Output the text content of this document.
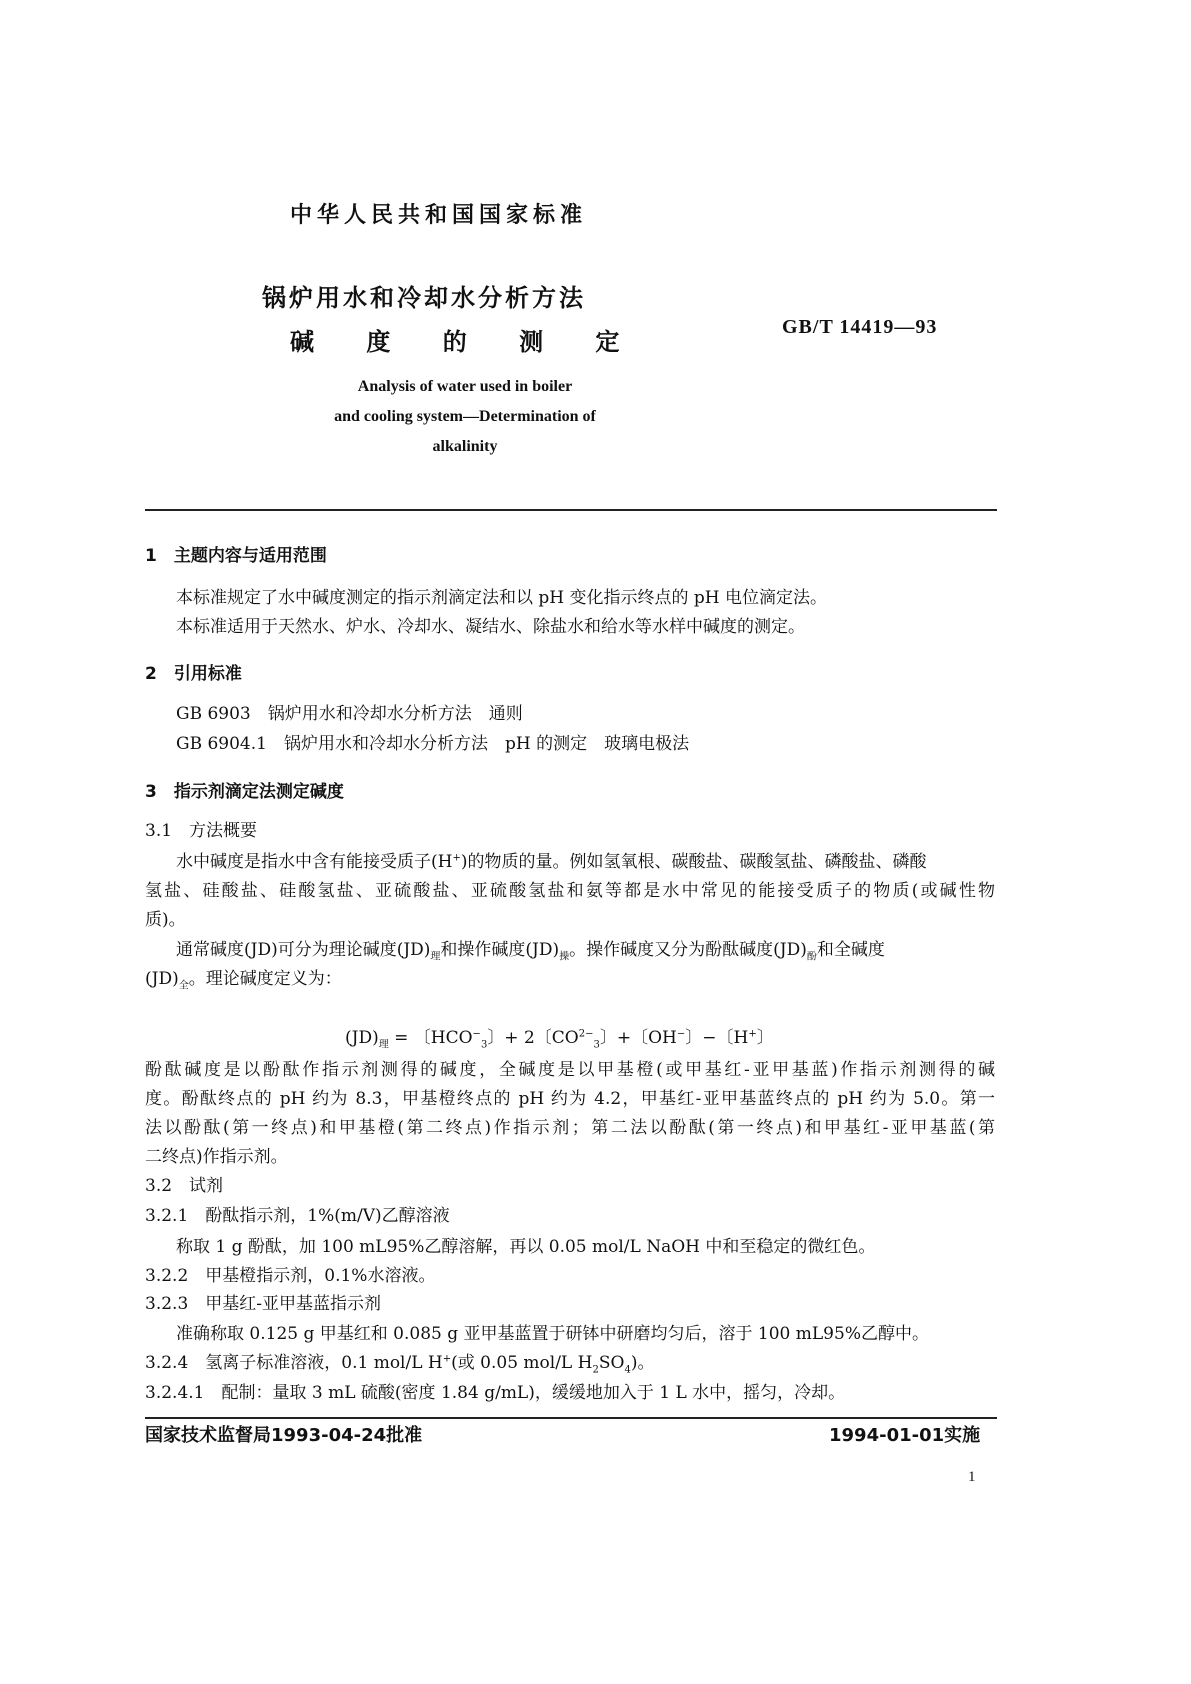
中华人民共和国国家标准
锅炉用水和冷却水分析方法
碱 度 的 测 定
GB/T 14419—93
Analysis of water used in boiler
and cooling system—Determination of
alkalinity
1　主题内容与适用范围
本标准规定了水中碱度测定的指示剂滴定法和以 pH 变化指示终点的 pH 电位滴定法。
本标准适用于天然水、炉水、冷却水、凝结水、除盐水和给水等水样中碱度的测定。
2　引用标准
GB 6903　锅炉用水和冷却水分析方法　通则
GB 6904.1　锅炉用水和冷却水分析方法　pH 的测定　玻璃电极法
3　指示剂滴定法测定碱度
3.1　方法概要
水中碱度是指水中含有能接受质子(H+)的物质的量。例如氢氧根、碳酸盐、碳酸氢盐、磷酸盐、磷酸
氢盐、硅酸盐、硅酸氢盐、亚硫酸盐、亚硫酸氢盐和氨等都是水中常见的能接受质子的物质(或碱性物
质)。
通常碱度(JD)可分为理论碱度$(JD)_理$和操作碱度$(JD)_操$。操作碱度又分为酚酞碱度$(JD)_酚$和全碱度
$(JD)_全$。理论碱度定义为：
$(JD)_理$ = 〔$HCO^-_3$〕+ 2〔$CO^{2-}_3$〕+〔OH−〕−〔H+〕
酚酞碱度是以酚酞作指示剂测得的碱度，全碱度是以甲基橙(或甲基红-亚甲基蓝)作指示剂测得的碱
度。酚酞终点的 pH 约为 8.3，甲基橙终点的 pH 约为 4.2，甲基红-亚甲基蓝终点的 pH 约为 5.0。第一
法以酚酞(第一终点)和甲基橙(第二终点)作指示剂；第二法以酚酞(第一终点)和甲基红-亚甲基蓝(第
二终点)作指示剂。
3.2　试剂
3.2.1　酚酞指示剂，1%(m/V)乙醇溶液
称取 1 g 酚酞，加 100 mL95%乙醇溶解，再以 0.05 mol/L NaOH 中和至稳定的微红色。
3.2.2　甲基橙指示剂，0.1%水溶液。
3.2.3　甲基红-亚甲基蓝指示剂
准确称取 0.125 g 甲基红和 0.085 g 亚甲基蓝置于研钵中研磨均匀后，溶于 100 mL95%乙醇中。
3.2.4　氢离子标准溶液，0.1 mol/L H+(或 0.05 mol/L $H_2SO_4$)。
3.2.4.1　配制：量取 3 mL 硫酸(密度 1.84 g/mL)，缓缓地加入于 1 L 水中，摇匀，冷却。
国家技术监督局1993-04-24批准	1994-01-01实施
1
